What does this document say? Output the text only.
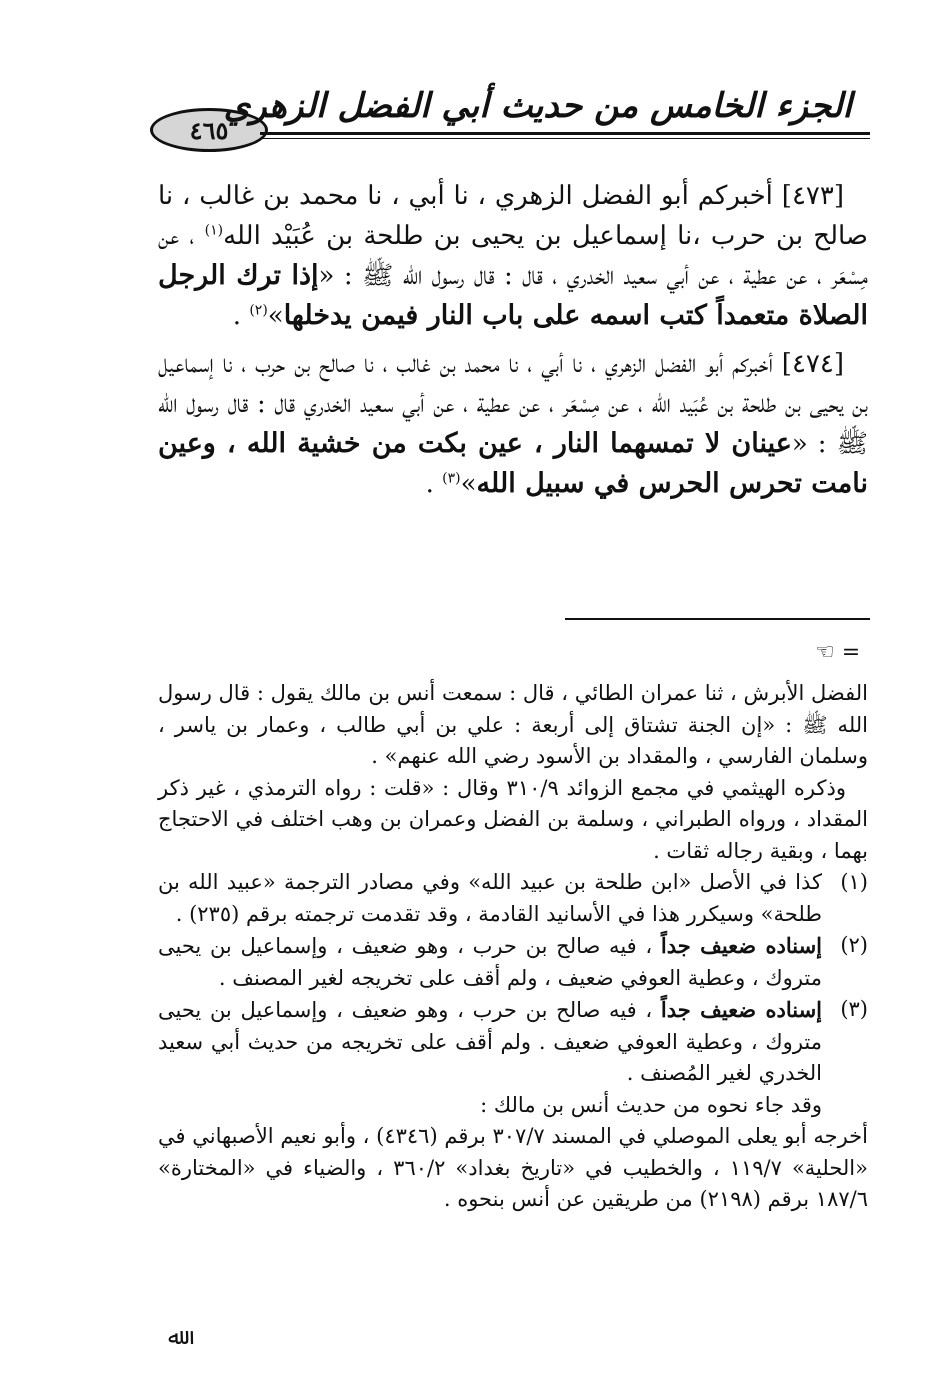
٤٦٥
الجزء الخامس من حديث أبي الفضل الزهري

[٤٧٣] أخبركم أبو الفضل الزهري ، نا أبي ، نا محمد بن غالب ، نا صالح بن حرب ،نا إسماعيل بن يحيى بن طلحة بن عُبَيْد الله$^{(١)}$ ، عن مِسْعَر ، عن عطية ، عن أبي سعيد الخدري ، قال : قال رسول الله ﷺ : «إذا ترك الرجل الصلاة متعمداً كتب اسمه على باب النار فيمن يدخلها»$^{(٢)}$ .

[٤٧٤] أخبركم أبو الفضل الزهري ، نا أبي ، نا محمد بن غالب ، نا صالح بن حرب ، نا إسماعيل بن يحيى بن طلحة بن عُبَيد الله ، عن مِسْعَر ، عن عطية ، عن أبي سعيد الخدري قال : قال رسول الله ﷺ : «عينان لا تمسهما النار ، عين بكت من خشية الله ، وعين نامت تحرس الحرس في سبيل الله»$^{(٣)}$ .

= ☜

الفضل الأبرش ، ثنا عمران الطائي ، قال : سمعت أنس بن مالك يقول : قال رسول الله ﷺ : «إن الجنة تشتاق إلى أربعة : علي بن أبي طالب ، وعمار بن ياسر ، وسلمان الفارسي ، والمقداد بن الأسود رضي الله عنهم» .

وذكره الهيثمي في مجمع الزوائد ٣١٠/٩ وقال : «قلت : رواه الترمذي ، غير ذكر المقداد ، ورواه الطبراني ، وسلمة بن الفضل وعمران بن وهب اختلف في الاحتجاج بهما ، وبقية رجاله ثقات .

(١)
كذا في الأصل «ابن طلحة بن عبيد الله» وفي مصادر الترجمة «عبيد الله بن طلحة» وسيكرر هذا في الأسانيد القادمة ، وقد تقدمت ترجمته برقم (٢٣٥) .
(٢)
إسناده ضعيف جداً ، فيه صالح بن حرب ، وهو ضعيف ، وإسماعيل بن يحيى متروك ، وعطية العوفي ضعيف ، ولم أقف على تخريجه لغير المصنف .
(٣)
إسناده ضعيف جداً ، فيه صالح بن حرب ، وهو ضعيف ، وإسماعيل بن يحيى متروك ، وعطية العوفي ضعيف . ولم أقف على تخريجه من حديث أبي سعيد الخدري لغير المُصنف .

وقد جاء نحوه من حديث أنس بن مالك :

أخرجه أبو يعلى الموصلي في المسند ٣٠٧/٧ برقم (٤٣٤٦) ، وأبو نعيم الأصبهاني في «الحلية» ١١٩/٧ ، والخطيب في «تاريخ بغداد» ٣٦٠/٢ ، والضياء في «المختارة» ١٨٧/٦ برقم (٢١٩٨) من طريقين عن أنس بنحوه .

ﷲ
